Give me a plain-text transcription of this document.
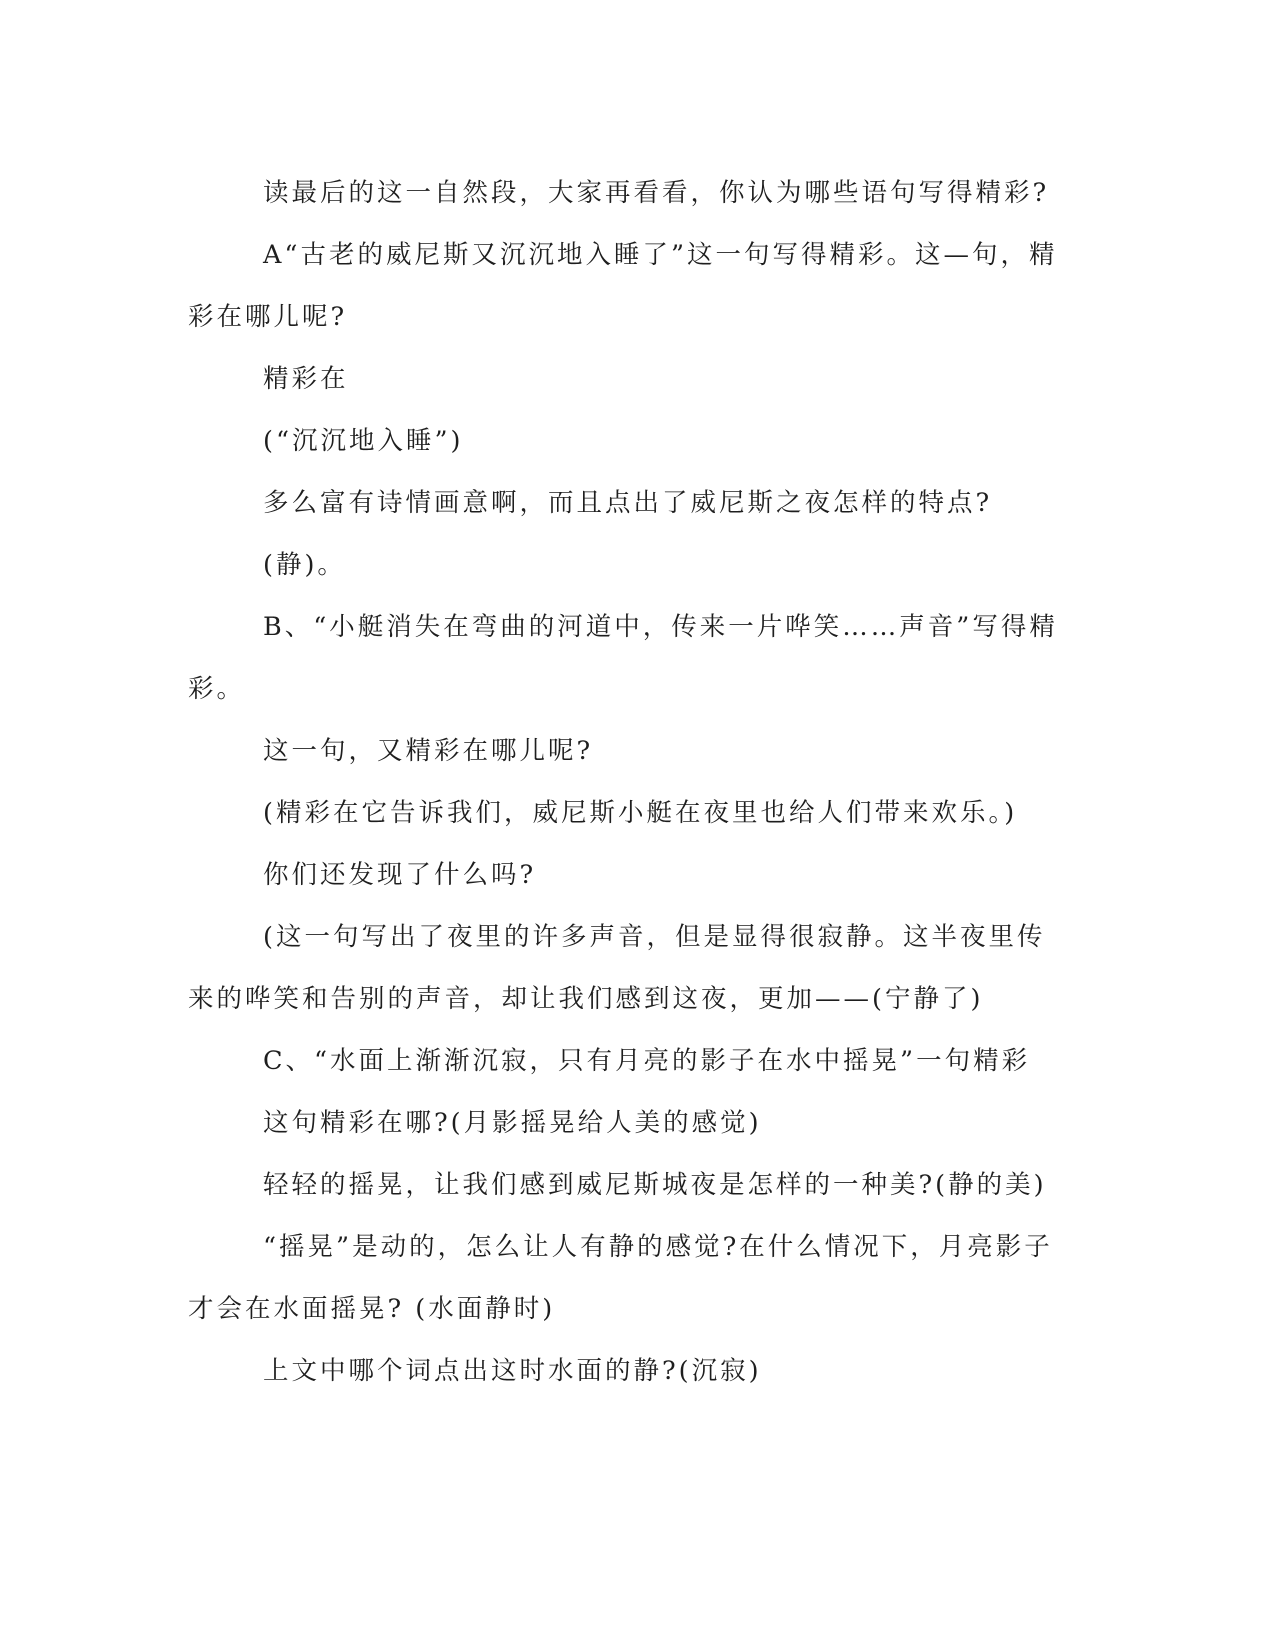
读最后的这一自然段，大家再看看，你认为哪些语句写得精彩?

A“古老的威尼斯又沉沉地入睡了”这一句写得精彩。这—句，精彩在哪儿呢?

精彩在

(“沉沉地入睡”)

多么富有诗情画意啊，而且点出了威尼斯之夜怎样的特点?

(静)。

B、“小艇消失在弯曲的河道中，传来一片哗笑……声音”写得精彩。

这一句，又精彩在哪儿呢?

(精彩在它告诉我们，威尼斯小艇在夜里也给人们带来欢乐。)

你们还发现了什么吗?

(这一句写出了夜里的许多声音，但是显得很寂静。这半夜里传来的哗笑和告别的声音，却让我们感到这夜，更加——(宁静了)

C、“水面上渐渐沉寂，只有月亮的影子在水中摇晃”一句精彩

这句精彩在哪?(月影摇晃给人美的感觉)

轻轻的摇晃，让我们感到威尼斯城夜是怎样的一种美?(静的美)

“摇晃”是动的，怎么让人有静的感觉?在什么情况下，月亮影子才会在水面摇晃? (水面静时)

上文中哪个词点出这时水面的静?(沉寂)
